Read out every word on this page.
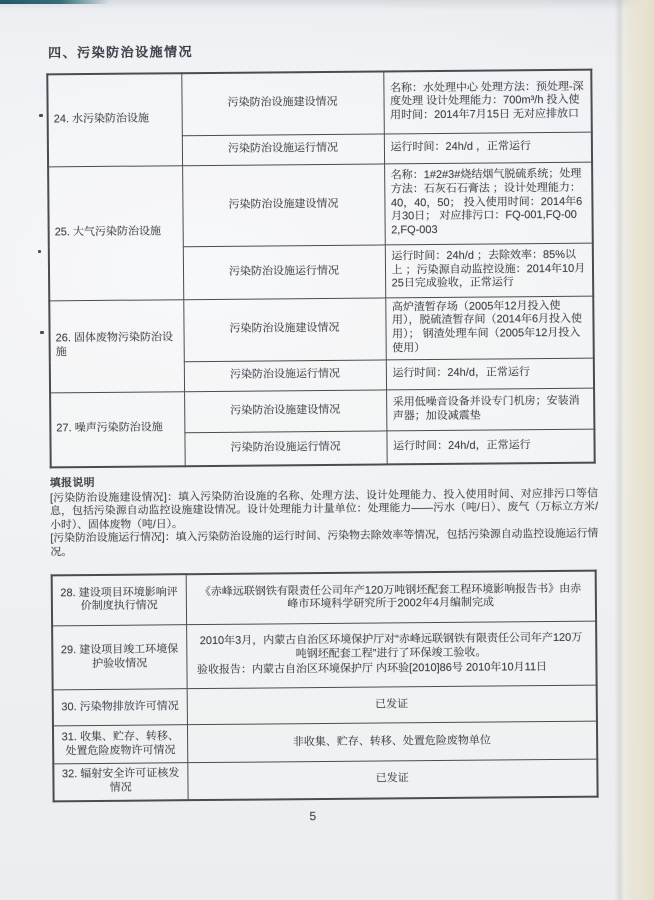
四、污染防治设施情况
24. 水污染防治设施	污染防治设施建设情况	名称：水处理中心 处理方法：预处理-深度处理 设计处理能力：700m³/h 投入使用时间：2014年7月15日 无对应排放口
	污染防治设施运行情况	运行时间：24h/d ，正常运行
25. 大气污染防治设施	污染防治设施建设情况	名称：1#2#3#烧结烟气脱硫系统；处理方法：石灰石石膏法 ；设计处理能力：40，40，50； 投入使用时间：2014年6月30日； 对应排污口：FQ-001,FQ-002,FQ-003
	污染防治设施运行情况	运行时间：24h/d ；去除效率：85%以上 ；污染源自动监控设施：2014年10月25日完成验收，正常运行
26. 固体废物污染防治设施	污染防治设施建设情况	高炉渣暂存场（2005年12月投入使用），脱硫渣暂存间（2014年6月投入使用）； 钢渣处理车间（2005年12月投入使用）
	污染防治设施运行情况	运行时间：24h/d，正常运行
27. 噪声污染防治设施	污染防治设施建设情况	采用低噪音设备并设专门机房；安装消声器；加设减震垫
	污染防治设施运行情况	运行时间：24h/d，正常运行
填报说明
[污染防治设施建设情况]：填入污染防治设施的名称、处理方法、设计处理能力、投入使用时间、对应排污口等信息，包括污染源自动监控设施建设情况。设计处理能力计量单位：处理能力——污水（吨/日）、废气（万标立方米/小时）、固体废物（吨/日）。
[污染防治设施运行情况]：填入污染防治设施的运行时间、污染物去除效率等情况，包括污染源自动监控设施运行情况。
28. 建设项目环境影响评价制度执行情况	《赤峰远联钢铁有限责任公司年产120万吨钢坯配套工程环境影响报告书》由赤峰市环境科学研究所于2002年4月编制完成
29. 建设项目竣工环境保护验收情况	2010年3月，内蒙古自治区环境保护厅对“赤峰远联钢铁有限责任公司年产120万吨钢坯配套工程”进行了环保竣工验收。
验收报告：内蒙古自治区环境保护厅 内环验[2010]86号 2010年10月11日

30. 污染物排放许可情况	已发证
31. 收集、贮存、转移、处置危险废物许可情况	非收集、贮存、转移、处置危险废物单位
32. 辐射安全许可证核发情况	已发证
5
